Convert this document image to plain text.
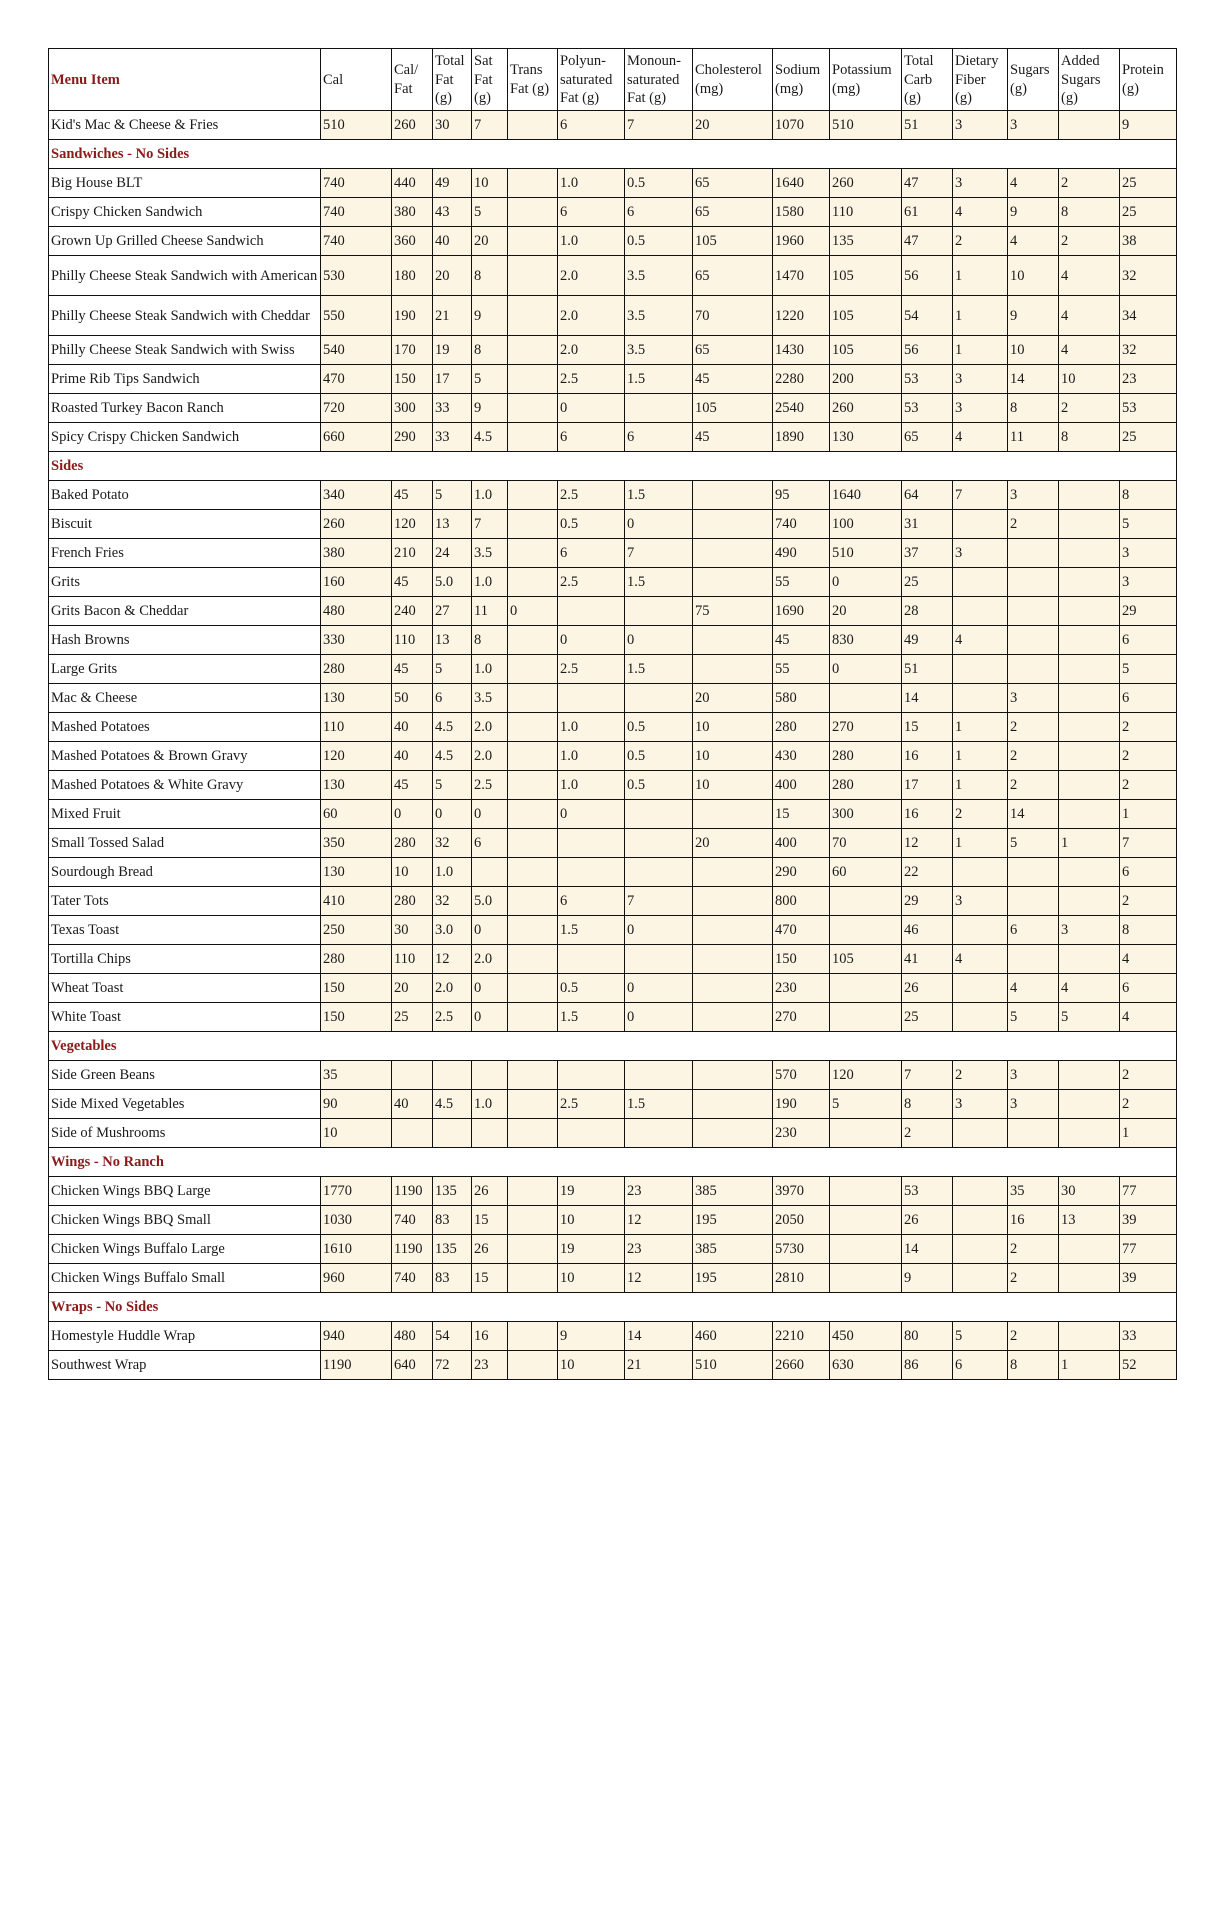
Menu Item	Cal	Cal/ Fat	Total Fat (g)	Sat Fat (g)	Trans Fat (g)	Polyun-saturated Fat (g)	Monoun-saturated Fat (g)	Cholesterol (mg)	Sodium (mg)	Potassium (mg)	Total Carb (g)	Dietary Fiber (g)	Sugars (g)	Added Sugars (g)	Protein (g)
Kid's Mac & Cheese & Fries	510	260	30	7		6	7	20	1070	510	51	3	3		9
Sandwiches - No Sides															
Big House BLT	740	440	49	10		1.0	0.5	65	1640	260	47	3	4	2	25
Crispy Chicken Sandwich	740	380	43	5		6	6	65	1580	110	61	4	9	8	25
Grown Up Grilled Cheese Sandwich	740	360	40	20		1.0	0.5	105	1960	135	47	2	4	2	38
Philly Cheese Steak Sandwich with American	530	180	20	8		2.0	3.5	65	1470	105	56	1	10	4	32
Philly Cheese Steak Sandwich with Cheddar	550	190	21	9		2.0	3.5	70	1220	105	54	1	9	4	34
Philly Cheese Steak Sandwich with Swiss	540	170	19	8		2.0	3.5	65	1430	105	56	1	10	4	32
Prime Rib Tips Sandwich	470	150	17	5		2.5	1.5	45	2280	200	53	3	14	10	23
Roasted Turkey Bacon Ranch	720	300	33	9		0		105	2540	260	53	3	8	2	53
Spicy Crispy Chicken Sandwich	660	290	33	4.5		6	6	45	1890	130	65	4	11	8	25
Sides															
Baked Potato	340	45	5	1.0		2.5	1.5		95	1640	64	7	3		8
Biscuit	260	120	13	7		0.5	0		740	100	31		2		5
French Fries	380	210	24	3.5		6	7		490	510	37	3			3
Grits	160	45	5.0	1.0		2.5	1.5		55	0	25				3
Grits Bacon & Cheddar	480	240	27	11	0			75	1690	20	28				29
Hash Browns	330	110	13	8		0	0		45	830	49	4			6
Large Grits	280	45	5	1.0		2.5	1.5		55	0	51				5
Mac & Cheese	130	50	6	3.5				20	580		14		3		6
Mashed Potatoes	110	40	4.5	2.0		1.0	0.5	10	280	270	15	1	2		2
Mashed Potatoes & Brown Gravy	120	40	4.5	2.0		1.0	0.5	10	430	280	16	1	2		2
Mashed Potatoes & White Gravy	130	45	5	2.5		1.0	0.5	10	400	280	17	1	2		2
Mixed Fruit	60	0	0	0		0			15	300	16	2	14		1
Small Tossed Salad	350	280	32	6				20	400	70	12	1	5	1	7
Sourdough Bread	130	10	1.0						290	60	22				6
Tater Tots	410	280	32	5.0		6	7		800		29	3			2
Texas Toast	250	30	3.0	0		1.5	0		470		46		6	3	8
Tortilla Chips	280	110	12	2.0					150	105	41	4			4
Wheat Toast	150	20	2.0	0		0.5	0		230		26		4	4	6
White Toast	150	25	2.5	0		1.5	0		270		25		5	5	4
Vegetables															
Side Green Beans	35								570	120	7	2	3		2
Side Mixed Vegetables	90	40	4.5	1.0		2.5	1.5		190	5	8	3	3		2
Side of Mushrooms	10								230		2				1
Wings - No Ranch															
Chicken Wings BBQ Large	1770	1190	135	26		19	23	385	3970		53		35	30	77
Chicken Wings BBQ Small	1030	740	83	15		10	12	195	2050		26		16	13	39
Chicken Wings Buffalo Large	1610	1190	135	26		19	23	385	5730		14		2		77
Chicken Wings Buffalo Small	960	740	83	15		10	12	195	2810		9		2		39
Wraps - No Sides															
Homestyle Huddle Wrap	940	480	54	16		9	14	460	2210	450	80	5	2		33
Southwest Wrap	1190	640	72	23		10	21	510	2660	630	86	6	8	1	52
